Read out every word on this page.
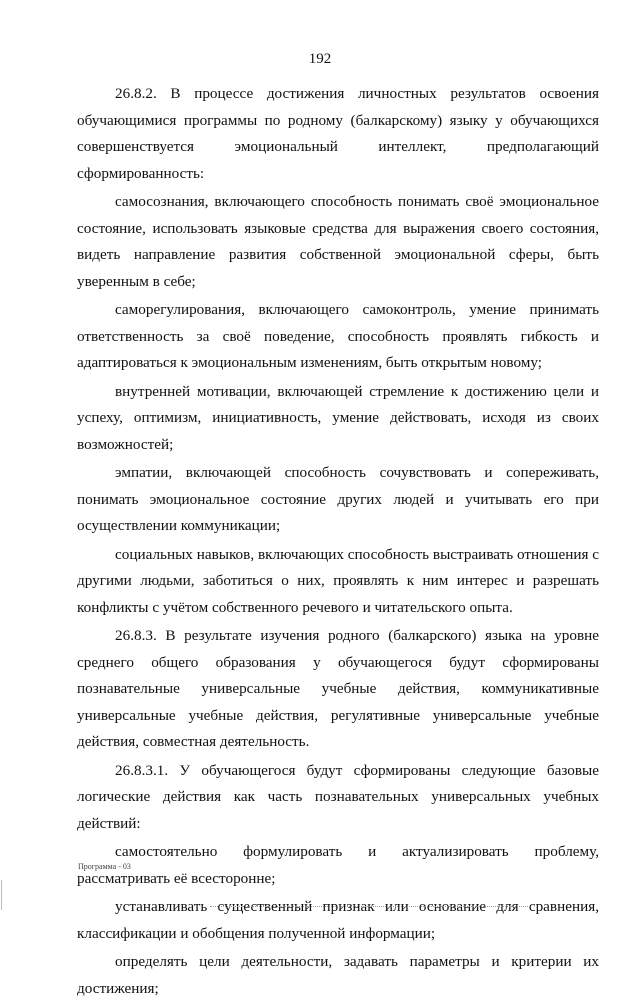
192

26.8.2. В процессе достижения личностных результатов освоения обучающимися программы по родному (балкарскому) языку у обучающихся совершенствуется эмоциональный интеллект, предполагающий сформированность:

самосознания, включающего способность понимать своё эмоциональное состояние, использовать языковые средства для выражения своего состояния, видеть направление развития собственной эмоциональной сферы, быть уверенным в себе;

саморегулирования, включающего самоконтроль, умение принимать ответственность за своё поведение, способность проявлять гибкость и адаптироваться к эмоциональным изменениям, быть открытым новому;

внутренней мотивации, включающей стремление к достижению цели и успеху, оптимизм, инициативность, умение действовать, исходя из своих возможностей;

эмпатии, включающей способность сочувствовать и сопереживать, понимать эмоциональное состояние других людей и учитывать его при осуществлении коммуникации;

социальных навыков, включающих способность выстраивать отношения с другими людьми, заботиться о них, проявлять к ним интерес и разрешать конфликты с учётом собственного речевого и читательского опыта.

26.8.3. В результате изучения родного (балкарского) языка на уровне среднего общего образования у обучающегося будут сформированы познавательные универсальные учебные действия, коммуникативные универсальные учебные действия, регулятивные универсальные учебные действия, совместная деятельность.

26.8.3.1. У обучающегося будут сформированы следующие базовые логические действия как часть познавательных универсальных учебных действий:

самостоятельно формулировать и актуализировать проблему, рассматривать её всесторонне;

устанавливать существенный признак или основание для сравнения, классификации и обобщения полученной информации;

определять цели деятельности, задавать параметры и критерии их достижения;

Программа - 03
